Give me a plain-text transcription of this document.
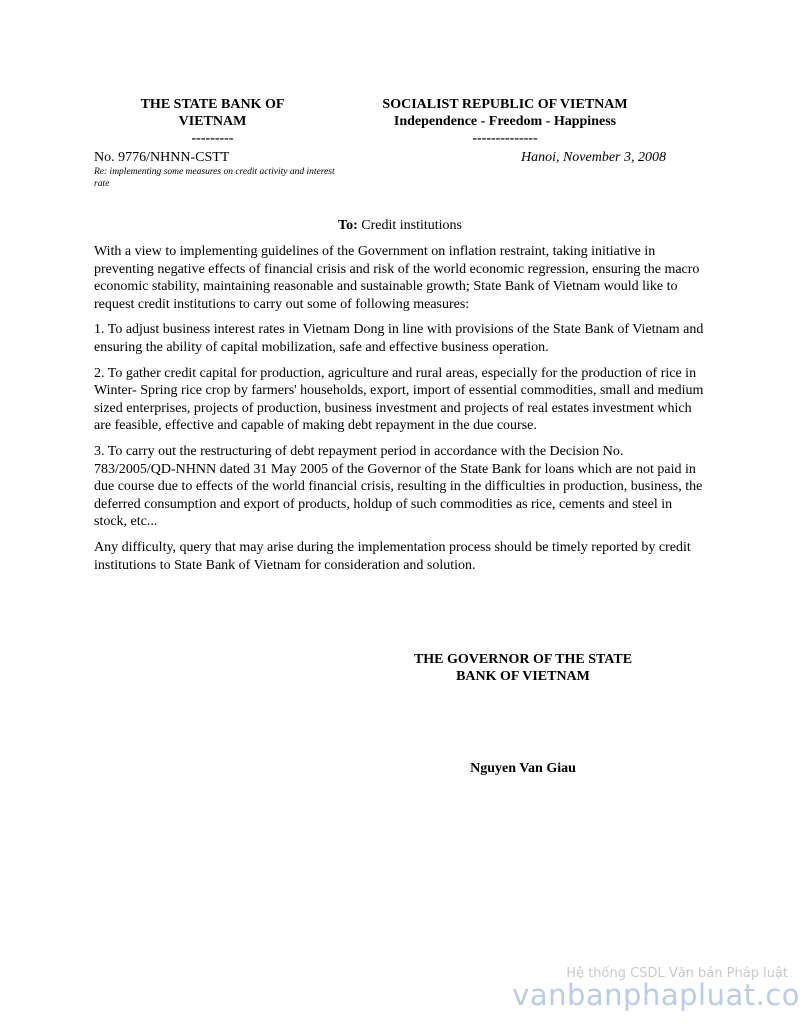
THE STATE BANK OF
VIETNAM
---------
SOCIALIST REPUBLIC OF VIETNAM
Independence - Freedom - Happiness
--------------
No. 9776/NHNN-CSTT
Re: implementing some measures on credit activity and interest rate
Hanoi, November 3, 2008
To: Credit institutions

With a view to implementing guidelines of the Government on inflation restraint, taking initiative in preventing negative effects of financial crisis and risk of the world economic regression, ensuring the macro economic stability, maintaining reasonable and sustainable growth; State Bank of Vietnam would like to request credit institutions to carry out some of following measures:

1. To adjust business interest rates in Vietnam Dong in line with provisions of the State Bank of Vietnam and ensuring the ability of capital mobilization, safe and effective business operation.

2. To gather credit capital for production, agriculture and rural areas, especially for the production of rice in Winter- Spring rice crop by farmers' households, export, import of essential commodities, small and medium sized enterprises, projects of production, business investment and projects of real estates investment which are feasible, effective and capable of making debt repayment in the due course.

3. To carry out the restructuring of debt repayment period in accordance with the Decision No. 783/2005/QD-NHNN dated 31 May 2005 of the Governor of the State Bank for loans which are not paid in due course due to effects of the world financial crisis, resulting in the difficulties in production, business, the deferred consumption and export of products, holdup of such commodities as rice, cements and steel in stock, etc...

Any difficulty, query that may arise during the implementation process should be timely reported by credit institutions to State Bank of Vietnam for consideration and solution.

THE GOVERNOR OF THE STATE
BANK OF VIETNAM
Nguyen Van Giau
Hệ thống CSDL Văn bản Pháp luật
vanbanphapluat.co
